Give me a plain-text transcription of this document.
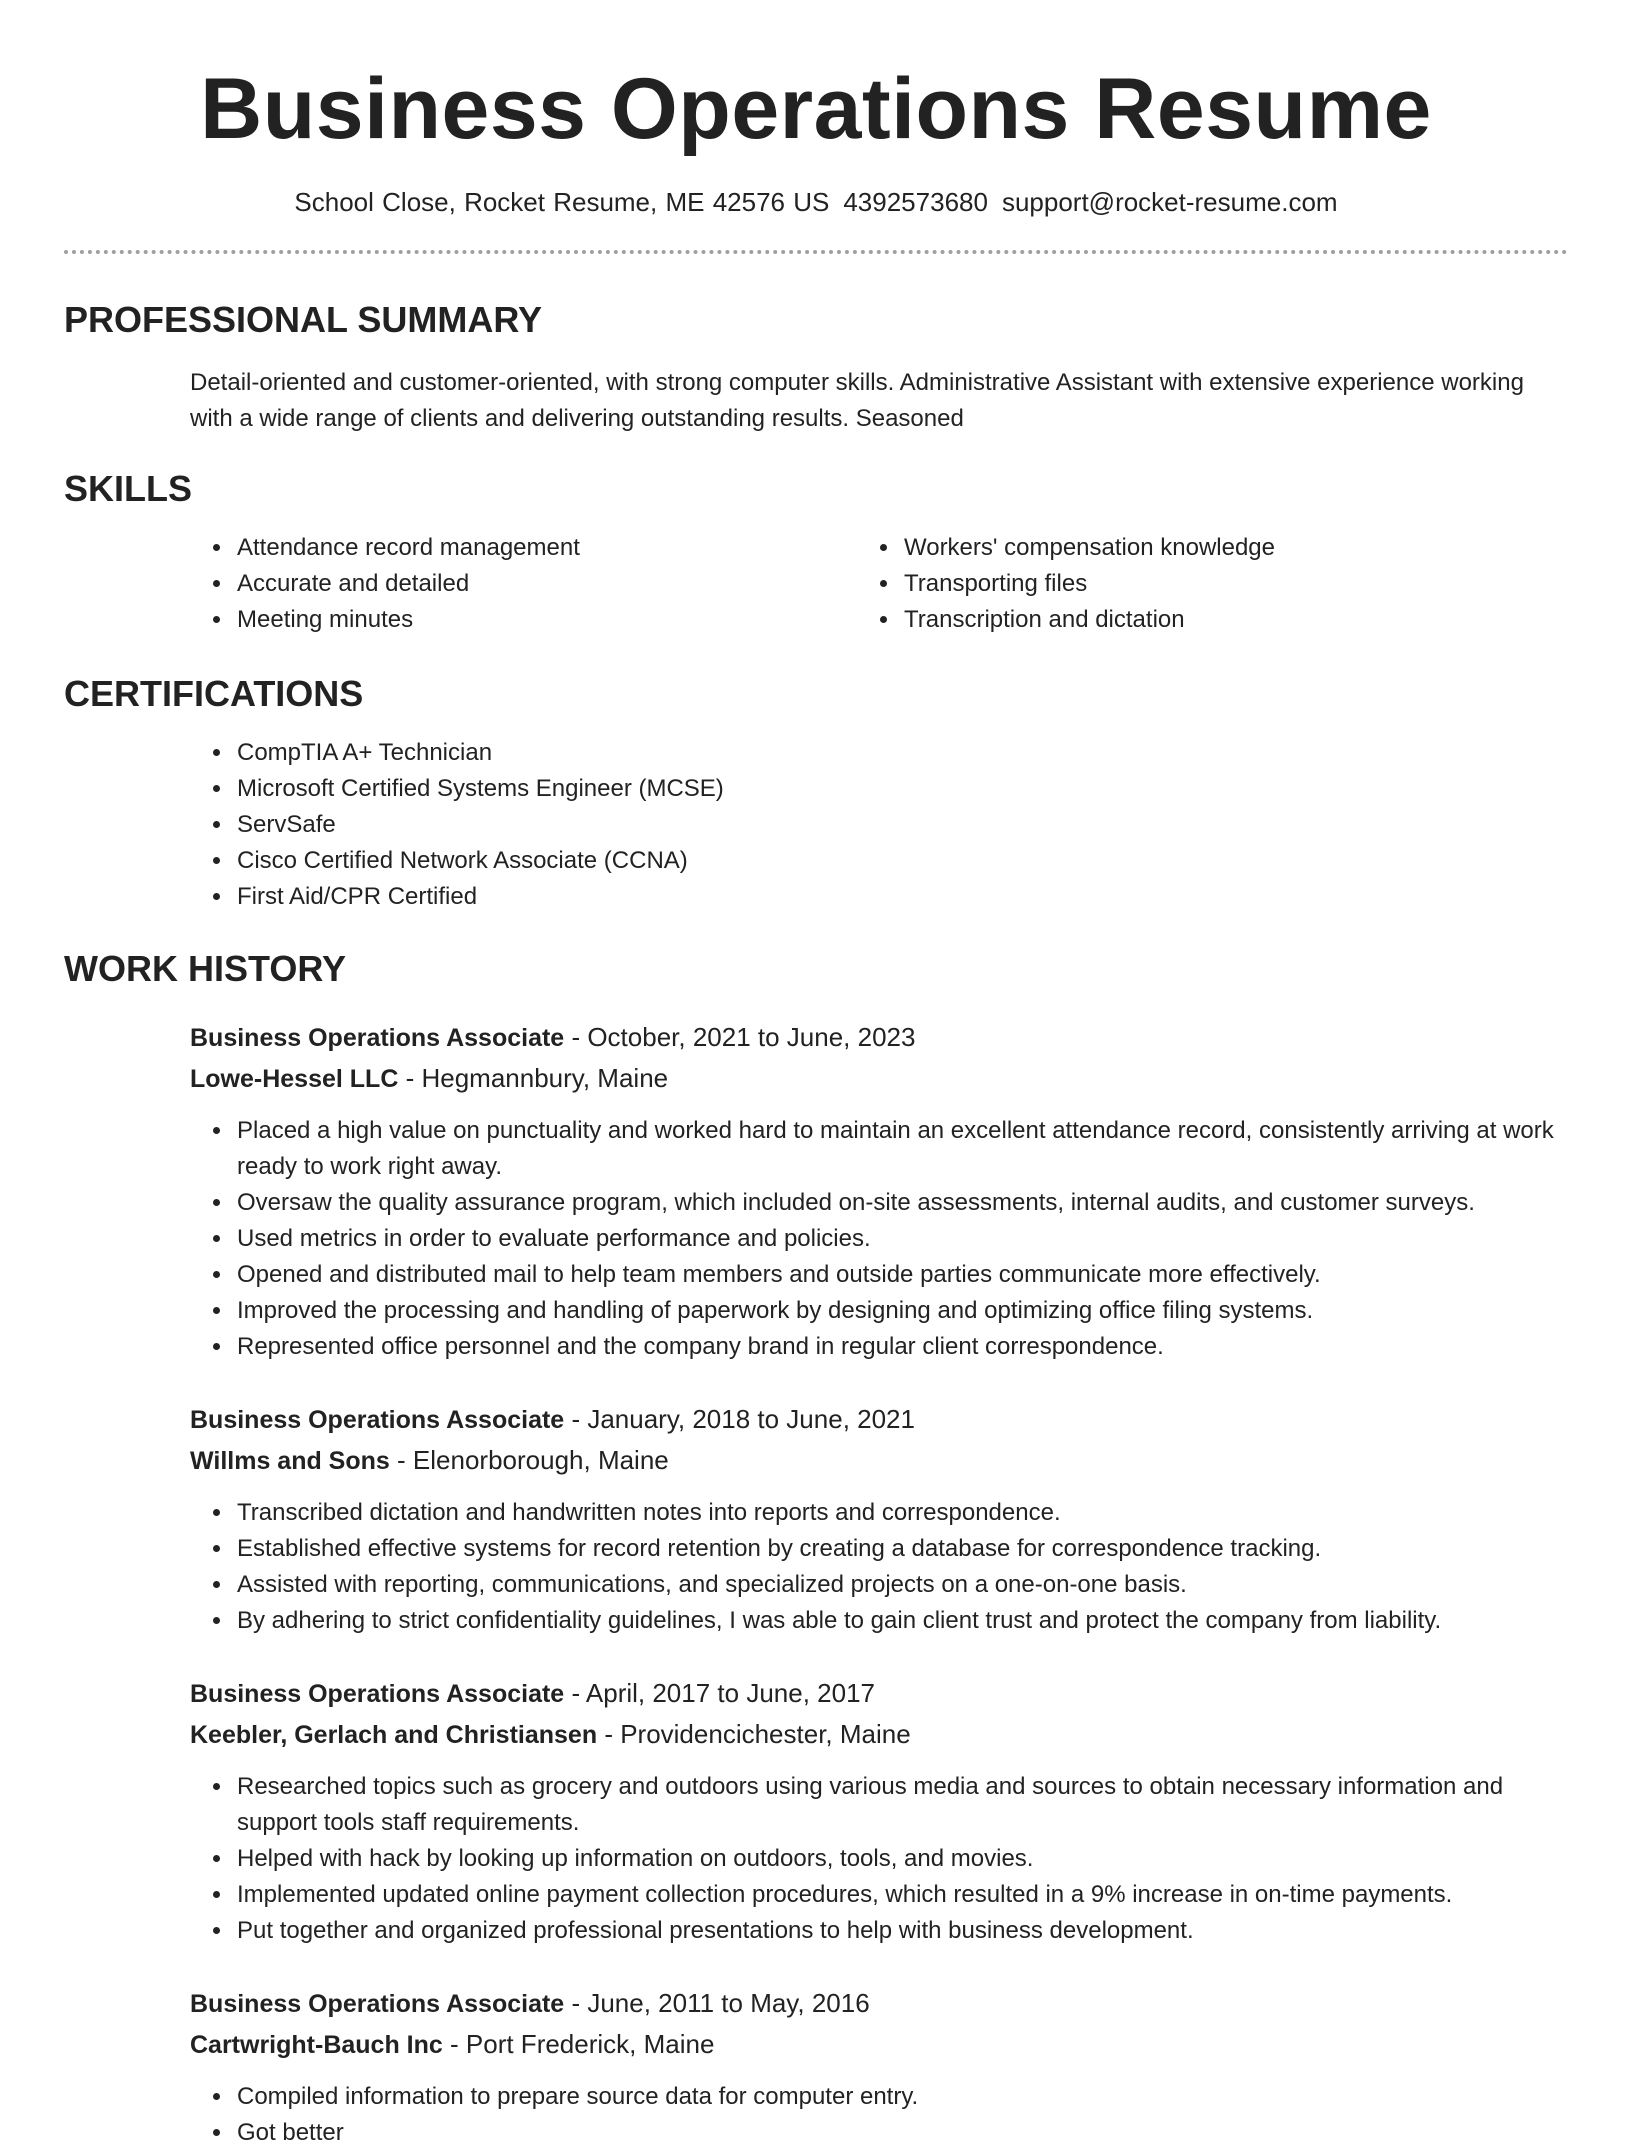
Business Operations Resume
School Close, Rocket Resume, ME 42576 US 4392573680 support@rocket-resume.com
PROFESSIONAL SUMMARY

Detail-oriented and customer-oriented, with strong computer skills. Administrative Assistant with extensive experience working with a wide range of clients and delivering outstanding results. Seasoned

SKILLS
• Attendance record management
• Accurate and detailed
• Meeting minutes
• Workers' compensation knowledge
• Transporting files
• Transcription and dictation
CERTIFICATIONS
• CompTIA A+ Technician
• Microsoft Certified Systems Engineer (MCSE)
• ServSafe
• Cisco Certified Network Associate (CCNA)
• First Aid/CPR Certified
WORK HISTORY
Business Operations Associate - October, 2021 to June, 2023
Lowe-Hessel LLC - Hegmannbury, Maine
• Placed a high value on punctuality and worked hard to maintain an excellent attendance record, consistently arriving at work ready to work right away.
• Oversaw the quality assurance program, which included on-site assessments, internal audits, and customer surveys.
• Used metrics in order to evaluate performance and policies.
• Opened and distributed mail to help team members and outside parties communicate more effectively.
• Improved the processing and handling of paperwork by designing and optimizing office filing systems.
• Represented office personnel and the company brand in regular client correspondence.
Business Operations Associate - January, 2018 to June, 2021
Willms and Sons - Elenorborough, Maine
• Transcribed dictation and handwritten notes into reports and correspondence.
• Established effective systems for record retention by creating a database for correspondence tracking.
• Assisted with reporting, communications, and specialized projects on a one-on-one basis.
• By adhering to strict confidentiality guidelines, I was able to gain client trust and protect the company from liability.
Business Operations Associate - April, 2017 to June, 2017
Keebler, Gerlach and Christiansen - Providencichester, Maine
• Researched topics such as grocery and outdoors using various media and sources to obtain necessary information and support tools staff requirements.
• Helped with hack by looking up information on outdoors, tools, and movies.
• Implemented updated online payment collection procedures, which resulted in a 9% increase in on-time payments.
• Put together and organized professional presentations to help with business development.
Business Operations Associate - June, 2011 to May, 2016
Cartwright-Bauch Inc - Port Frederick, Maine
• Compiled information to prepare source data for computer entry.
• Got better
